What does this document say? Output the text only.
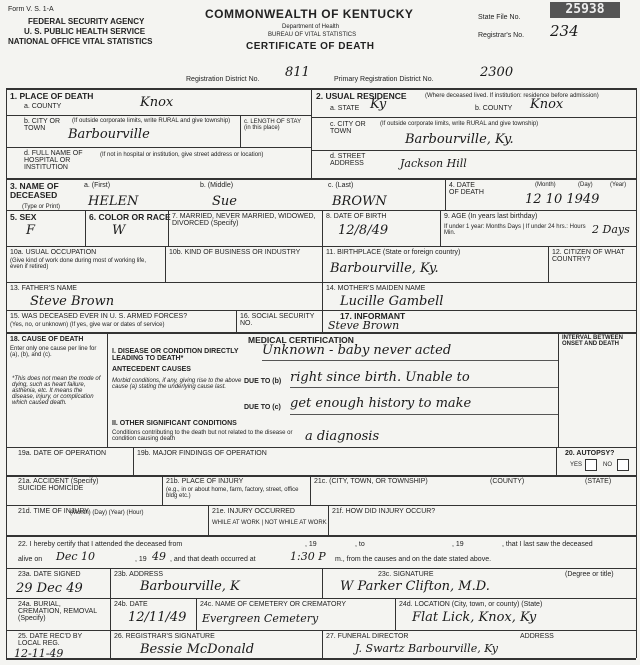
Form V. S. 1-A
FEDERAL SECURITY AGENCY
U. S. PUBLIC HEALTH SERVICE
NATIONAL OFFICE VITAL STATISTICS
COMMONWEALTH OF KENTUCKY
Department of Health
BUREAU OF VITAL STATISTICS
CERTIFICATE OF DEATH
25938
State File No.
Registrar's No. 234
Registration District No. 811	Primary Registration District No.	2300
1. PLACE OF DEATH
a. COUNTY	Knox
b. CITY OR TOWN
(If outside corporate limits, write RURAL and give township)
Barbourville
c. LENGTH OF STAY (in this place)
d. FULL NAME OF HOSPITAL OR INSTITUTION
(If not in hospital or institution, give street address or location)
2. USUAL RESIDENCE	(Where deceased lived. If institution: residence before admission)
a. STATE Ky	b. COUNTY Knox
c. CITY OR TOWN
(If outside corporate limits, write RURAL and give township)
Barbourville, Ky.
d. STREET ADDRESS	Jackson Hill
3. NAME OF DECEASED
(Type or Print)
a. (First)
HELEN
b. (Middle)
Sue
c. (Last)
BROWN
4. DATE OF DEATH
(Month)	(Day)	(Year)
12 10 1949
5. SEX
F
6. COLOR OR RACE
W
7. MARRIED, NEVER MARRIED, WIDOWED, DIVORCED (Specify)
8. DATE OF BIRTH
12/8/49
9. AGE (In years last birthday)
If under 1 year: Months Days | If under 24 hrs.: Hours Min.	2 Days
10a. USUAL OCCUPATION
(Give kind of work done during most of working life, even if retired)
10b. KIND OF BUSINESS OR INDUSTRY	11. BIRTHPLACE (State or foreign country)
Barbourville, Ky.
12. CITIZEN OF WHAT COUNTRY?
13. FATHER'S NAME
Steve Brown
14. MOTHER'S MAIDEN NAME
Lucille Gambell
15. WAS DECEASED EVER IN U. S. ARMED FORCES?
(Yes, no, or unknown) (If yes, give war or dates of service)
16. SOCIAL SECURITY NO.
17. INFORMANT
Steve Brown
18. CAUSE OF DEATH
Enter only one cause per line for (a), (b), and (c).
*This does not mean the mode of dying, such as heart failure, asthenia, etc. It means the disease, injury, or complication which caused death.
MEDICAL CERTIFICATION	INTERVAL BETWEEN ONSET AND DEATH
I. DISEASE OR CONDITION DIRECTLY LEADING TO DEATH*
Unknown - baby never acted
ANTECEDENT CAUSES
Morbid conditions, if any, giving rise to the above cause (a) stating the underlying cause last.
DUE TO (b) right since birth. Unable to
DUE TO (c) get enough history to make
II. OTHER SIGNIFICANT CONDITIONS
Conditions contributing to the death but not related to the disease or condition causing death	a diagnosis
19a. DATE OF OPERATION	19b. MAJOR FINDINGS OF OPERATION	20. AUTOPSY?
YES	NO
21a. ACCIDENT (Specify) SUICIDE HOMICIDE
21b. PLACE OF INJURY
(e.g., in or about home, farm, factory, street, office bldg etc.)
21c. (CITY, TOWN, OR TOWNSHIP)	(COUNTY)	(STATE)
21d. TIME OF INJURY
(Month) (Day) (Year) (Hour)	21e. INJURY OCCURRED
WHILE AT WORK | NOT WHILE AT WORK
21f. HOW DID INJURY OCCUR?
22. I hereby certify that I attended the deceased from	, 19	, to	, 19	, that I last saw the deceased
alive on Dec 10	, 19 49 , and that death occurred at	1:30 P m., from the causes and on the date stated above.
23a. DATE SIGNED
29 Dec 49
23b. ADDRESS
Barbourville, K
23c. SIGNATURE	(Degree or title)
W Parker Clifton, M.D.
24a. BURIAL, CREMATION, REMOVAL (Specify)
24b. DATE
12/11/49
24c. NAME OF CEMETERY OR CREMATORY
Evergreen Cemetery
24d. LOCATION (City, town, or county) (State)
Flat Lick, Knox, Ky
25. DATE REC'D BY LOCAL REG.
12-11-49
26. REGISTRAR'S SIGNATURE
Bessie McDonald
27. FUNERAL DIRECTOR	ADDRESS
J. Swartz Barbourville, Ky
